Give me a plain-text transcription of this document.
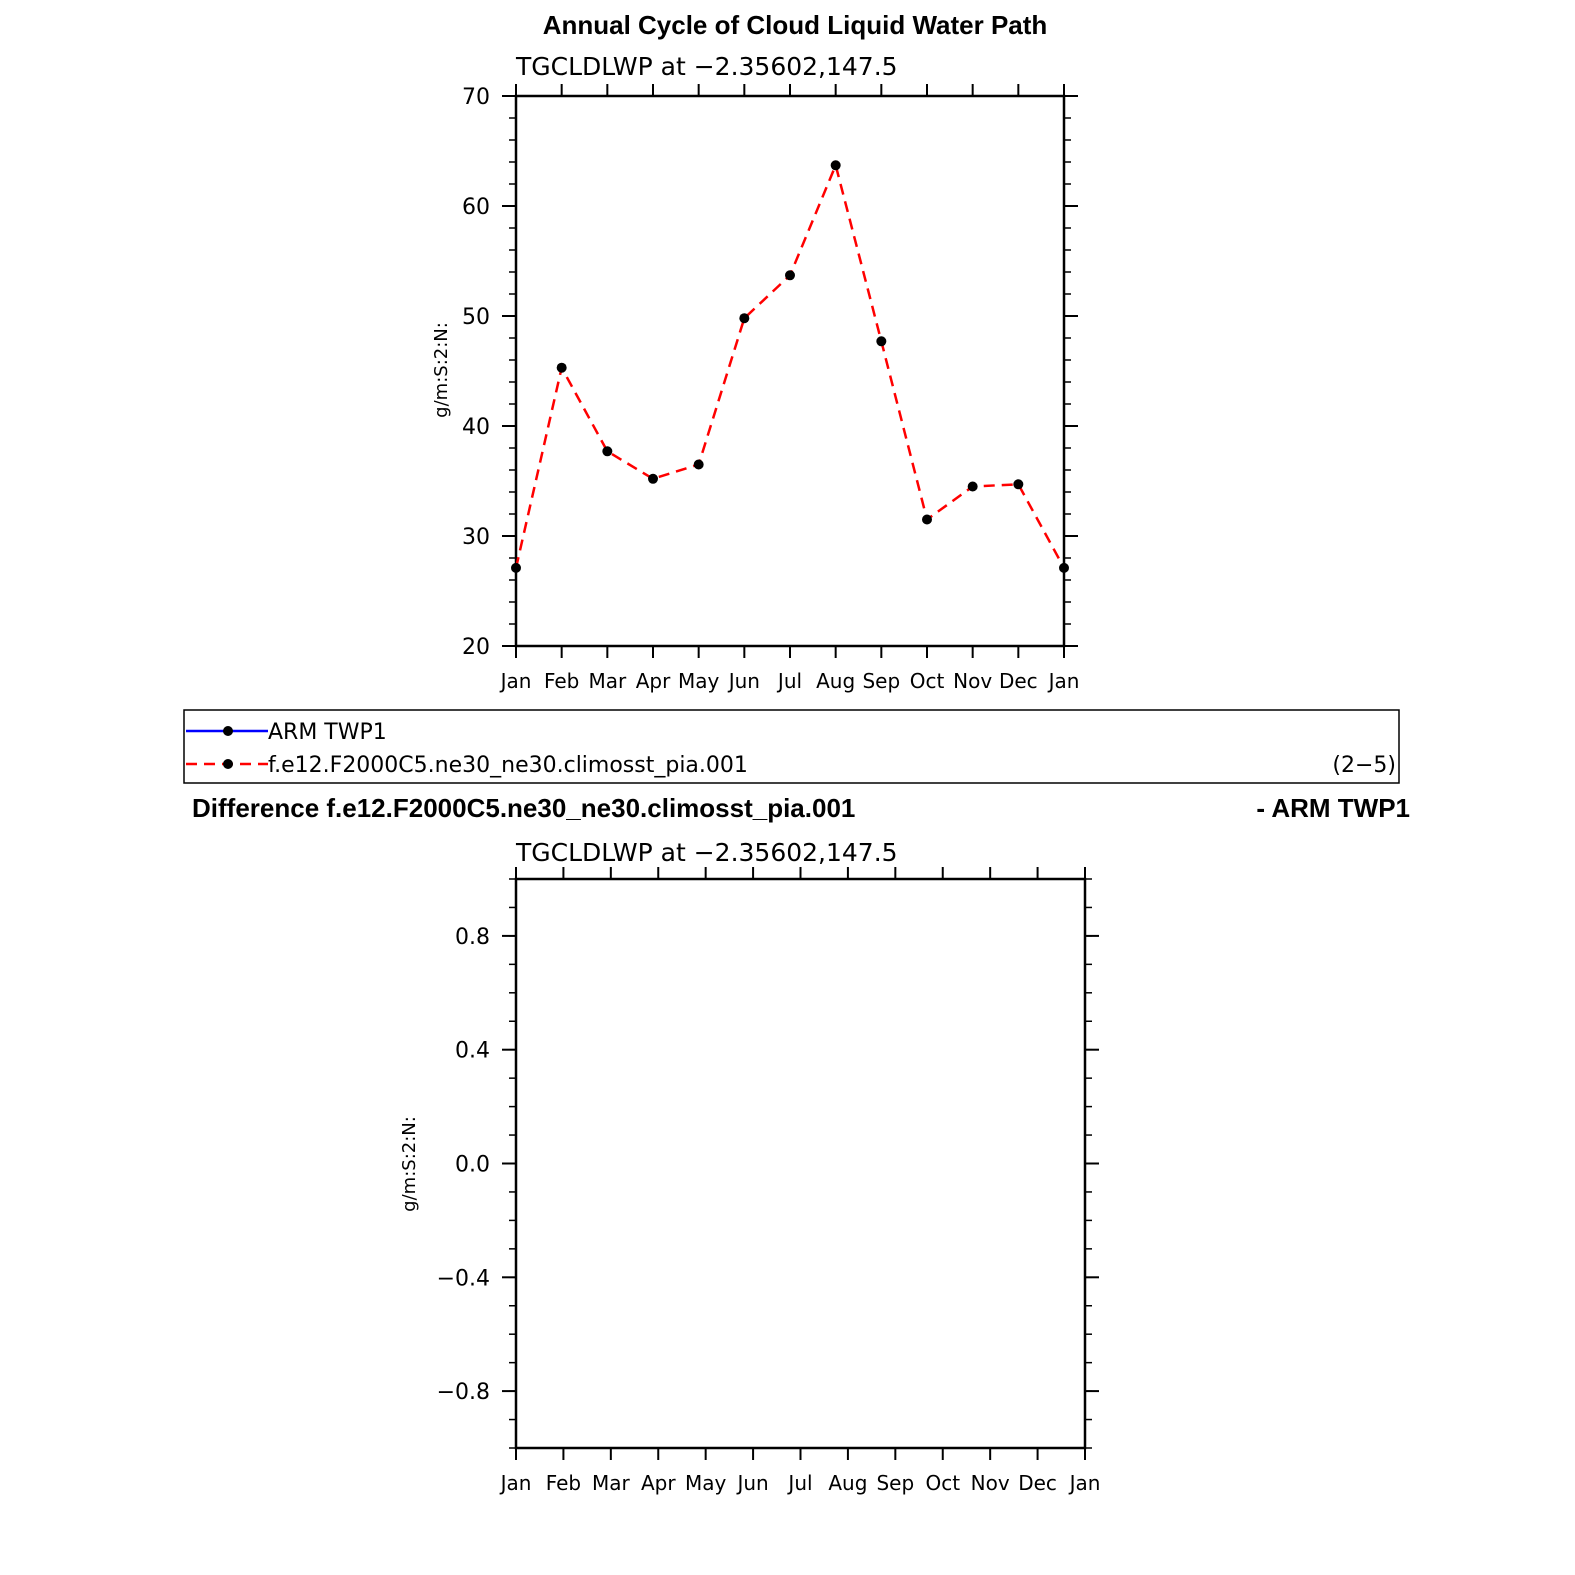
Annual Cycle of Cloud Liquid Water Path
TGCLDLWP at −2.35602,147.5
g/m:S:2:N:
Jan Feb Mar Apr May Jun Jul Aug Sep Oct Nov Dec Jan
20
30
40
50
60
70
ARM TWP1
f.e12.F2000C5.ne30_ne30.climosst_pia.001	(2−5)
Difference f.e12.F2000C5.ne30_ne30.climosst_pia.001	- ARM TWP1
TGCLDLWP at −2.35602,147.5
g/m:S:2:N:
Jan Feb Mar Apr May Jun Jul Aug Sep Oct Nov Dec Jan
−0.8
−0.4
0.0
0.4
0.8
